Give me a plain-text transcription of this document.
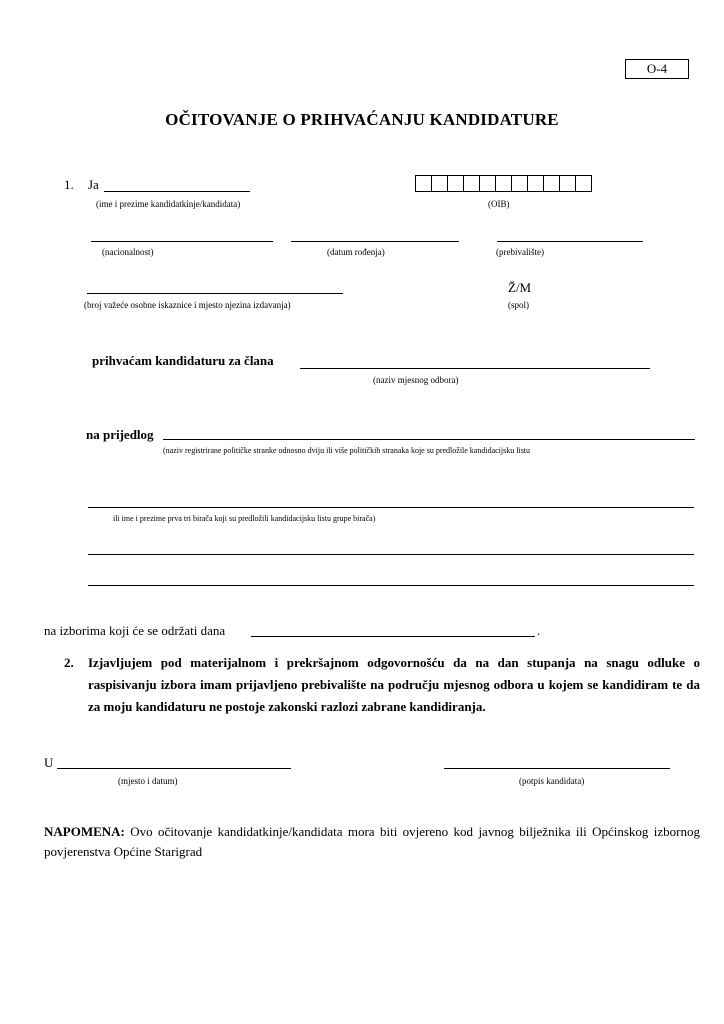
O-4
OČITOVANJE O PRIHVAĆANJU KANDIDATURE
1. Ja
(ime i prezime kandidatkinje/kandidata)	(OIB)
(nacionalnost)	(datum rođenja)	(prebivalište)
(broj važeće osobne iskaznice i mjesto njezina izdavanja)
Ž/M
(spol)
prihvaćam kandidaturu za člana
(naziv mjesnog odbora)
na prijedlog
(naziv registrirane političke stranke odnosno dviju ili više političkih stranaka koje su predložile kandidacijsku listu
ili ime i prezime prva tri birača koji su predložili kandidacijsku listu grupe birača)
na izborima koji će se održati dana	.
2. Izjavljujem pod materijalnom i prekršajnom odgovornošću da na dan stupanja na snagu odluke o raspisivanju izbora imam prijavljeno prebivalište na području mjesnog odbora u kojem se kandidiram te da za moju kandidaturu ne postoje zakonski razlozi zabrane kandidiranja.
U
(mjesto i datum)	(potpis kandidata)
NAPOMENA: Ovo očitovanje kandidatkinje/kandidata mora biti ovjereno kod javnog bilježnika ili Općinskog izbornog povjerenstva Općine Starigrad
